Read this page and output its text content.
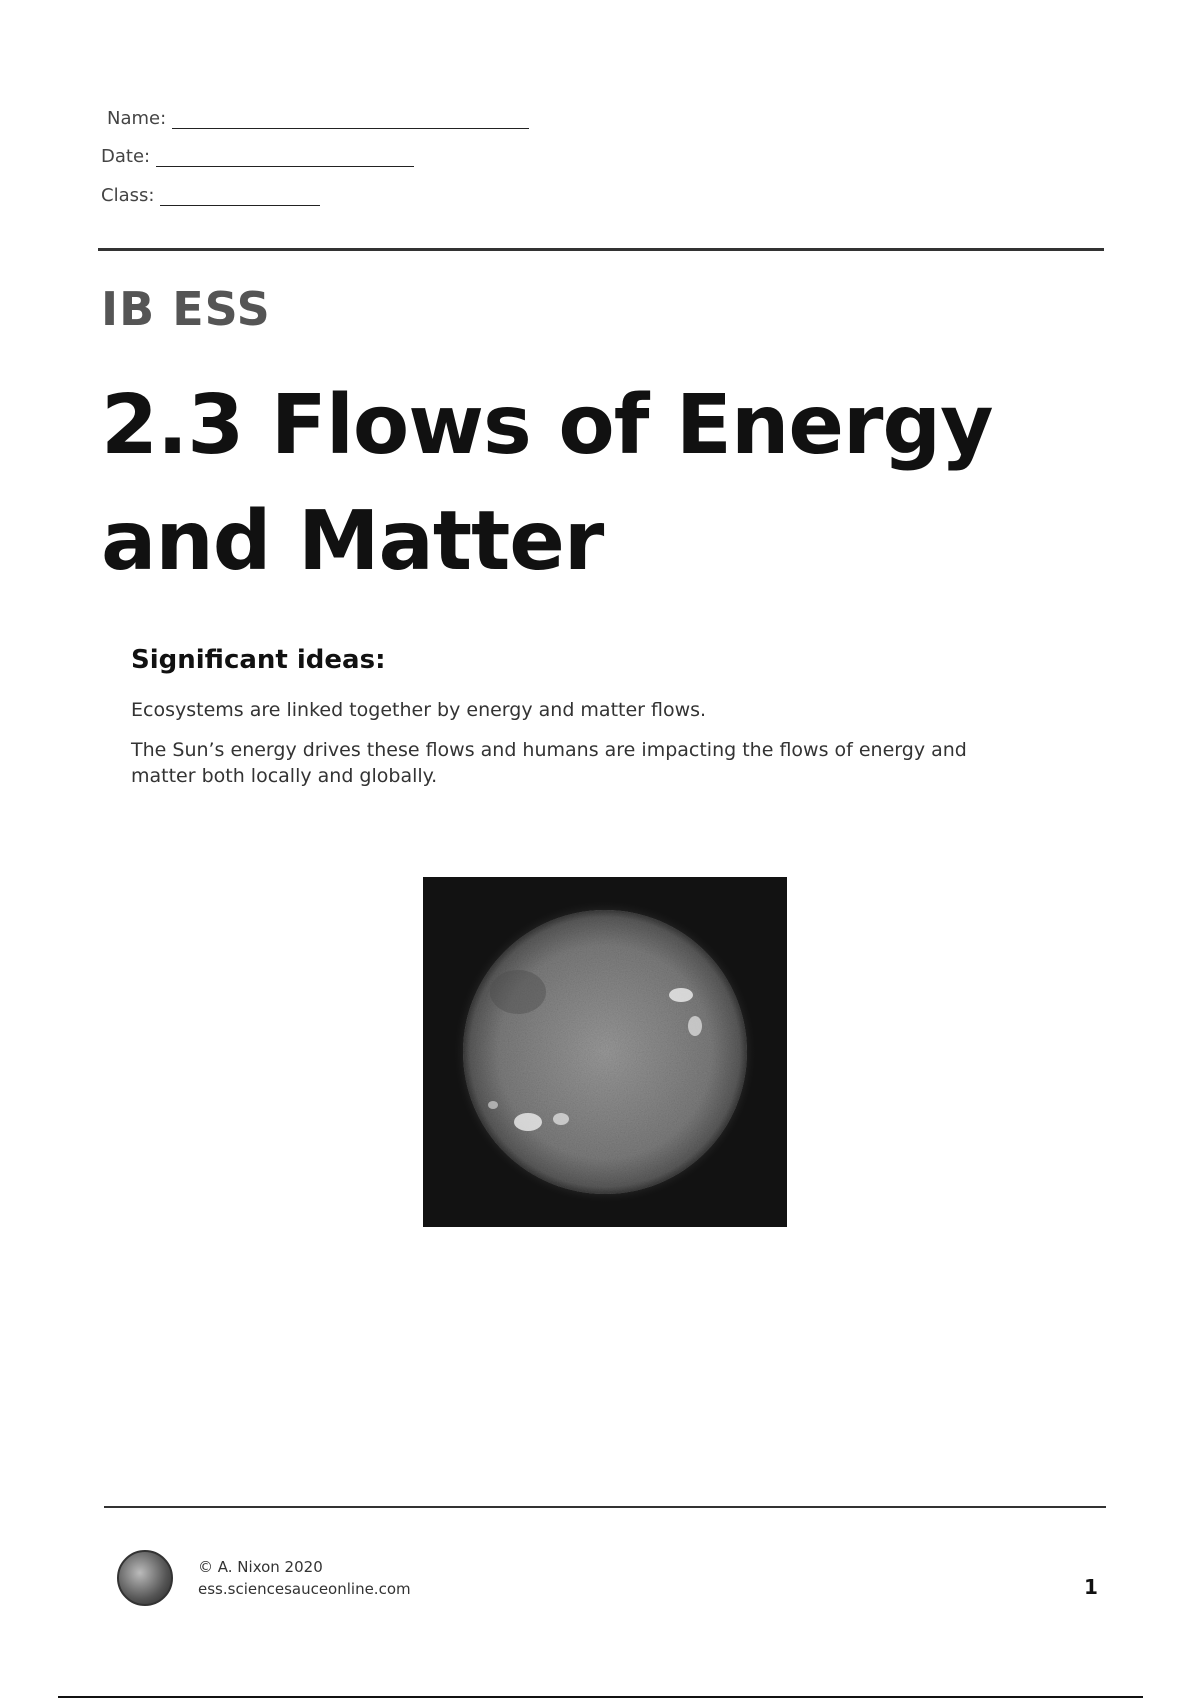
Name:
Date:
Class:
IB ESS
2.3 Flows of Energy
and Matter
Significant ideas:
Ecosystems are linked together by energy and matter flows.
The Sun’s energy drives these flows and humans are impacting the flows of energy and matter both locally and globally.
© A. Nixon 2020
ess.sciencesauceonline.com	1
